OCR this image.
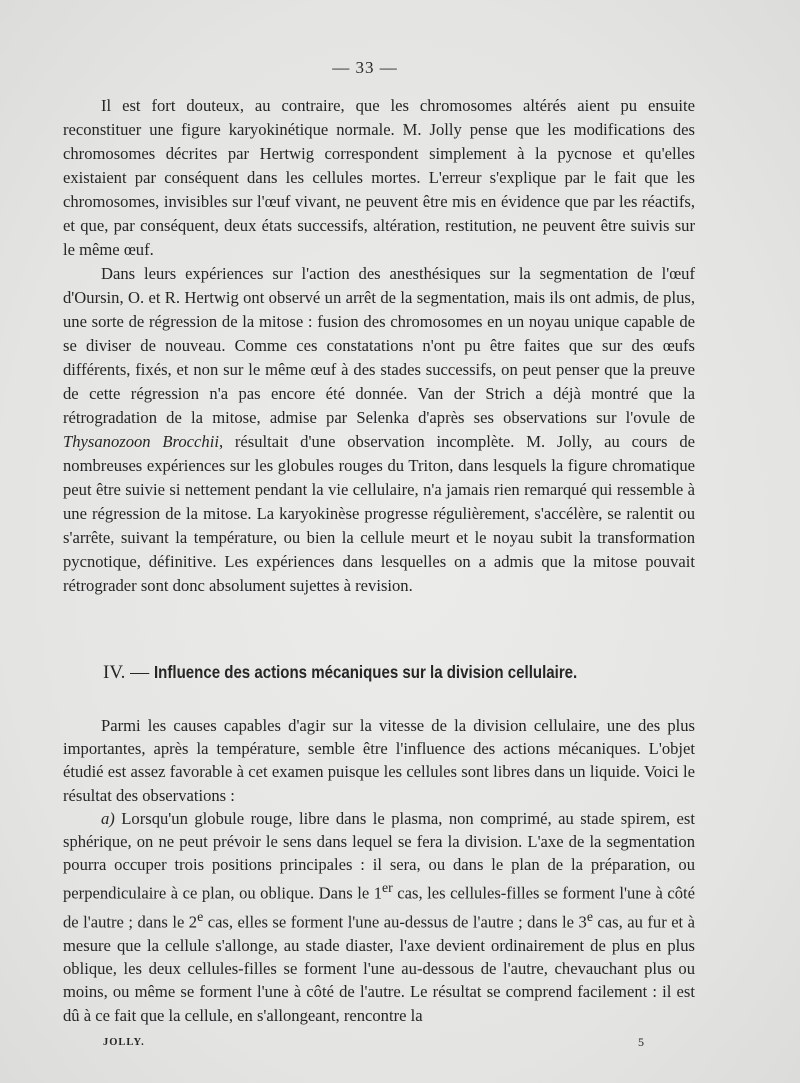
— 33 —

Il est fort douteux, au contraire, que les chromosomes altérés aient pu ensuite reconstituer une figure karyokinétique normale. M. Jolly pense que les modifications des chromosomes décrites par Hertwig correspondent simplement à la pycnose et qu'elles existaient par conséquent dans les cellules mortes. L'erreur s'explique par le fait que les chromosomes, invisibles sur l'œuf vivant, ne peuvent être mis en évidence que par les réactifs, et que, par conséquent, deux états successifs, altération, restitution, ne peuvent être suivis sur le même œuf.

Dans leurs expériences sur l'action des anesthésiques sur la segmentation de l'œuf d'Oursin, O. et R. Hertwig ont observé un arrêt de la segmentation, mais ils ont admis, de plus, une sorte de régression de la mitose : fusion des chromosomes en un noyau unique capable de se diviser de nouveau. Comme ces constatations n'ont pu être faites que sur des œufs différents, fixés, et non sur le même œuf à des stades successifs, on peut penser que la preuve de cette régression n'a pas encore été donnée. Van der Strich a déjà montré que la rétrogradation de la mitose, admise par Selenka d'après ses observations sur l'ovule de Thysanozoon Brocchii, résultait d'une observation incomplète. M. Jolly, au cours de nombreuses expériences sur les globules rouges du Triton, dans lesquels la figure chromatique peut être suivie si nettement pendant la vie cellulaire, n'a jamais rien remarqué qui ressemble à une régression de la mitose. La karyokinèse progresse régulièrement, s'accélère, se ralentit ou s'arrête, suivant la température, ou bien la cellule meurt et le noyau subit la transformation pycnotique, définitive. Les expériences dans lesquelles on a admis que la mitose pouvait rétrograder sont donc absolument sujettes à revision.

IV. — Influence des actions mécaniques sur la division cellulaire.

Parmi les causes capables d'agir sur la vitesse de la division cellulaire, une des plus importantes, après la température, semble être l'influence des actions mécaniques. L'objet étudié est assez favorable à cet examen puisque les cellules sont libres dans un liquide. Voici le résultat des observations :

a) Lorsqu'un globule rouge, libre dans le plasma, non comprimé, au stade spirem, est sphérique, on ne peut prévoir le sens dans lequel se fera la division. L'axe de la segmentation pourra occuper trois positions principales : il sera, ou dans le plan de la préparation, ou perpendiculaire à ce plan, ou oblique. Dans le 1er cas, les cellules-filles se forment l'une à côté de l'autre ; dans le 2e cas, elles se forment l'une au-dessus de l'autre ; dans le 3e cas, au fur et à mesure que la cellule s'allonge, au stade diaster, l'axe devient ordinairement de plus en plus oblique, les deux cellules-filles se forment l'une au-dessous de l'autre, chevauchant plus ou moins, ou même se forment l'une à côté de l'autre. Le résultat se comprend facilement : il est dû à ce fait que la cellule, en s'allongeant, rencontre la

JOLLY.	5
